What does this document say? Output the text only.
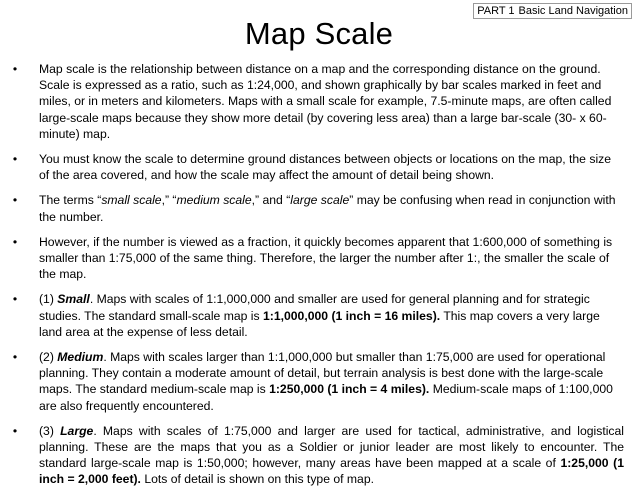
PART 1 Basic Land Navigation
Map Scale
• Map scale is the relationship between distance on a map and the corresponding distance on the ground. Scale is expressed as a ratio, such as 1:24,000, and shown graphically by bar scales marked in feet and miles, or in meters and kilometers. Maps with a small scale for example, 7.5-minute maps, are often called large-scale maps because they show more detail (by covering less area) than a large bar-scale (30- x 60-minute) map.
• You must know the scale to determine ground distances between objects or locations on the map, the size of the area covered, and how the scale may affect the amount of detail being shown.
• The terms “small scale,” “medium scale,” and “large scale” may be confusing when read in conjunction with the number.
• However, if the number is viewed as a fraction, it quickly becomes apparent that 1:600,000 of something is smaller than 1:75,000 of the same thing. Therefore, the larger the number after 1:, the smaller the scale of the map.
• (1) Small. Maps with scales of 1:1,000,000 and smaller are used for general planning and for strategic studies. The standard small-scale map is 1:1,000,000 (1 inch = 16 miles). This map covers a very large land area at the expense of less detail.
• (2) Medium. Maps with scales larger than 1:1,000,000 but smaller than 1:75,000 are used for operational planning. They contain a moderate amount of detail, but terrain analysis is best done with the large-scale maps. The standard medium-scale map is 1:250,000 (1 inch = 4 miles). Medium-scale maps of 1:100,000 are also frequently encountered.
• (3) Large. Maps with scales of 1:75,000 and larger are used for tactical, administrative, and logistical planning. These are the maps that you as a Soldier or junior leader are most likely to encounter. The standard large-scale map is 1:50,000; however, many areas have been mapped at a scale of 1:25,000 (1 inch = 2,000 feet). Lots of detail is shown on this type of map.
